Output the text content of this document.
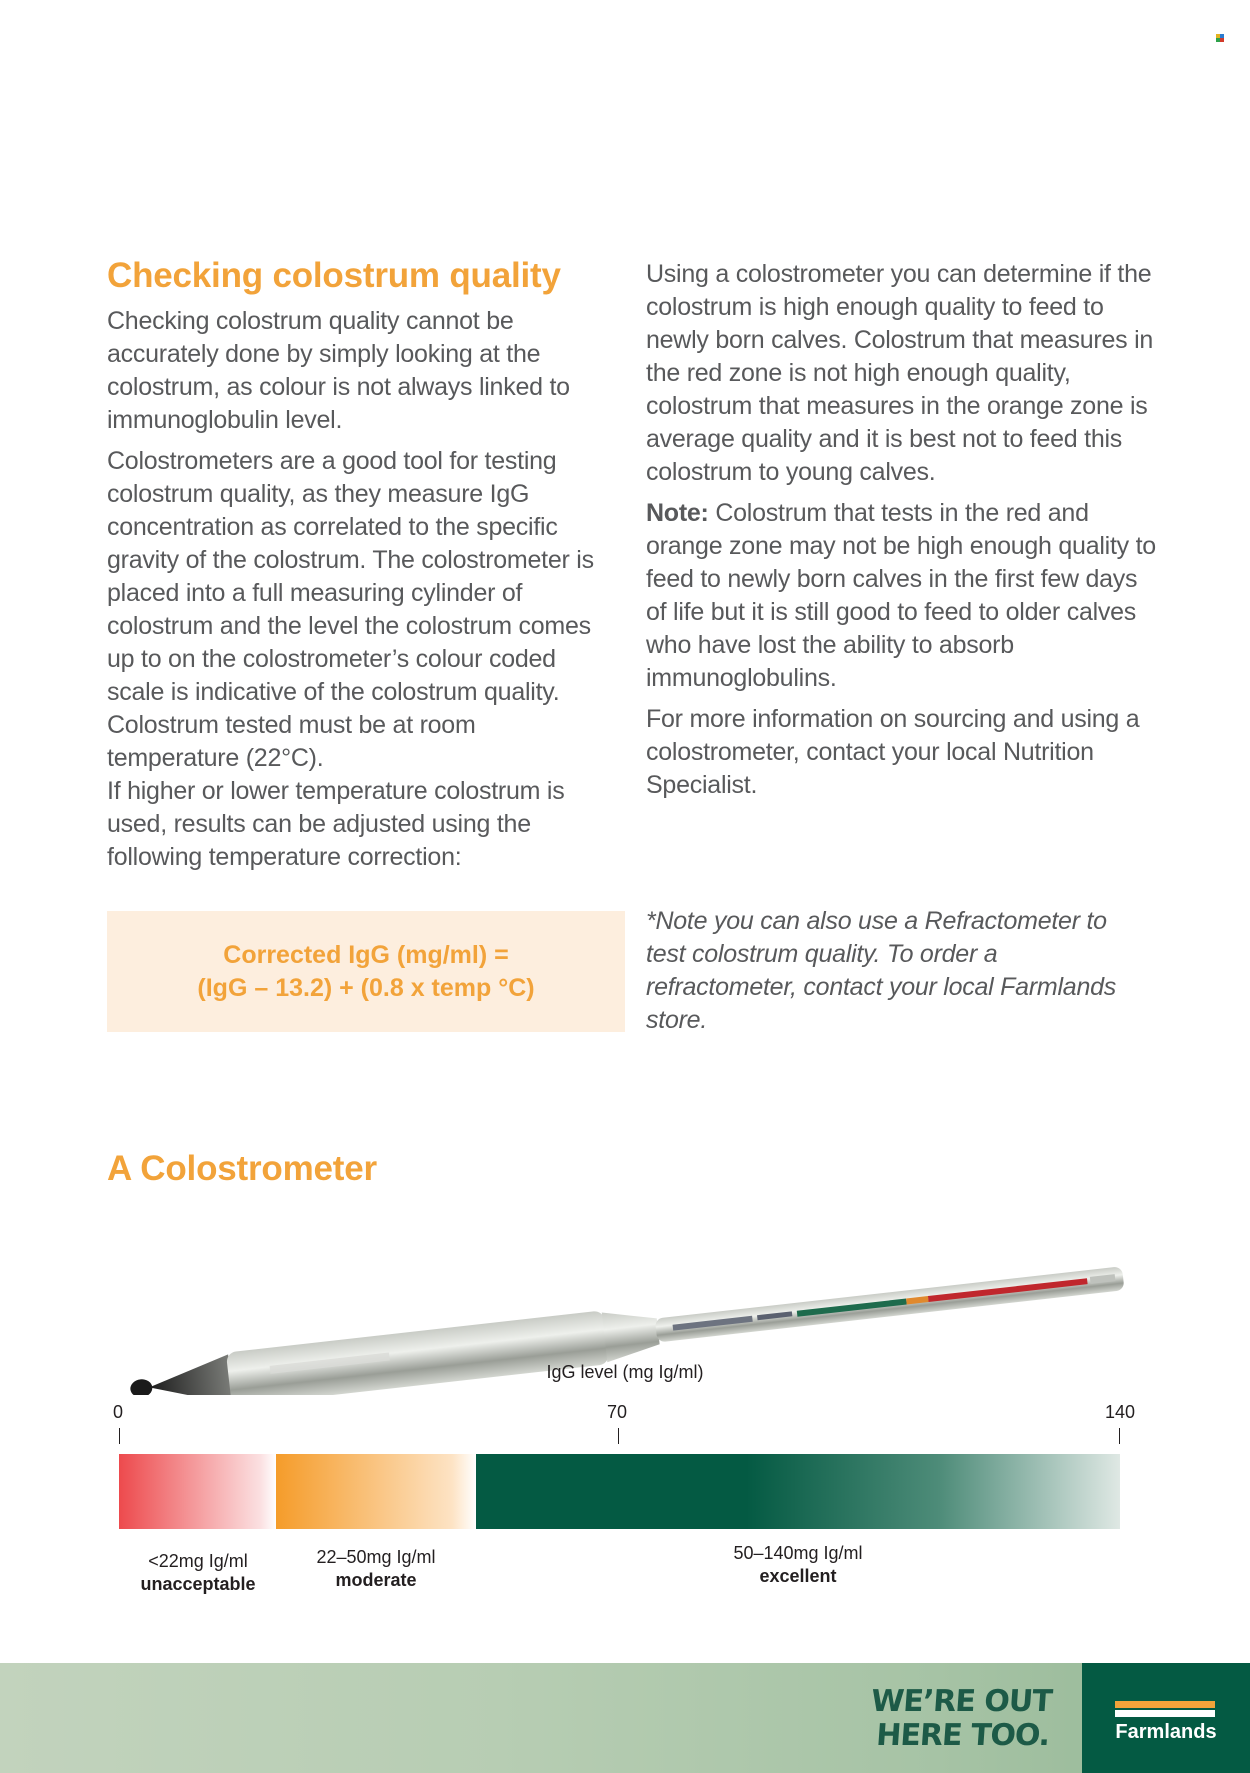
Checking colostrum quality

Checking colostrum quality cannot be accurately done by simply looking at the colostrum, as colour is not always linked to immunoglobulin level.

Colostrometers are a good tool for testing colostrum quality, as they measure IgG concentration as correlated to the specific gravity of the colostrum. The colostrometer is placed into a full measuring cylinder of colostrum and the level the colostrum comes up to on the colostrometer’s colour coded scale is indicative of the colostrum quality. Colostrum tested must be at room temperature (22°C).

If higher or lower temperature colostrum is used, results can be adjusted using the following temperature correction:

Using a colostrometer you can determine if the colostrum is high enough quality to feed to newly born calves. Colostrum that measures in the red zone is not high enough quality, colostrum that measures in the orange zone is average quality and it is best not to feed this colostrum to young calves.

Note: Colostrum that tests in the red and orange zone may not be high enough quality to feed to newly born calves in the first few days of life but it is still good to feed to older calves who have lost the ability to absorb immunoglobulins.

For more information on sourcing and using a colostrometer, contact your local Nutrition Specialist.

*Note you can also use a Refractometer to test colostrum quality. To order a refractometer, contact your local Farmlands store.

Corrected IgG (mg/ml) =
(IgG – 13.2) + (0.8 x temp °C)
A Colostrometer
IgG level (mg Ig/ml)
0	70	140
<22mg Ig/ml
unacceptable
22–50mg Ig/ml
moderate
50–140mg Ig/ml
excellent
WE’RE OUT
HERE TOO.	Farmlands
